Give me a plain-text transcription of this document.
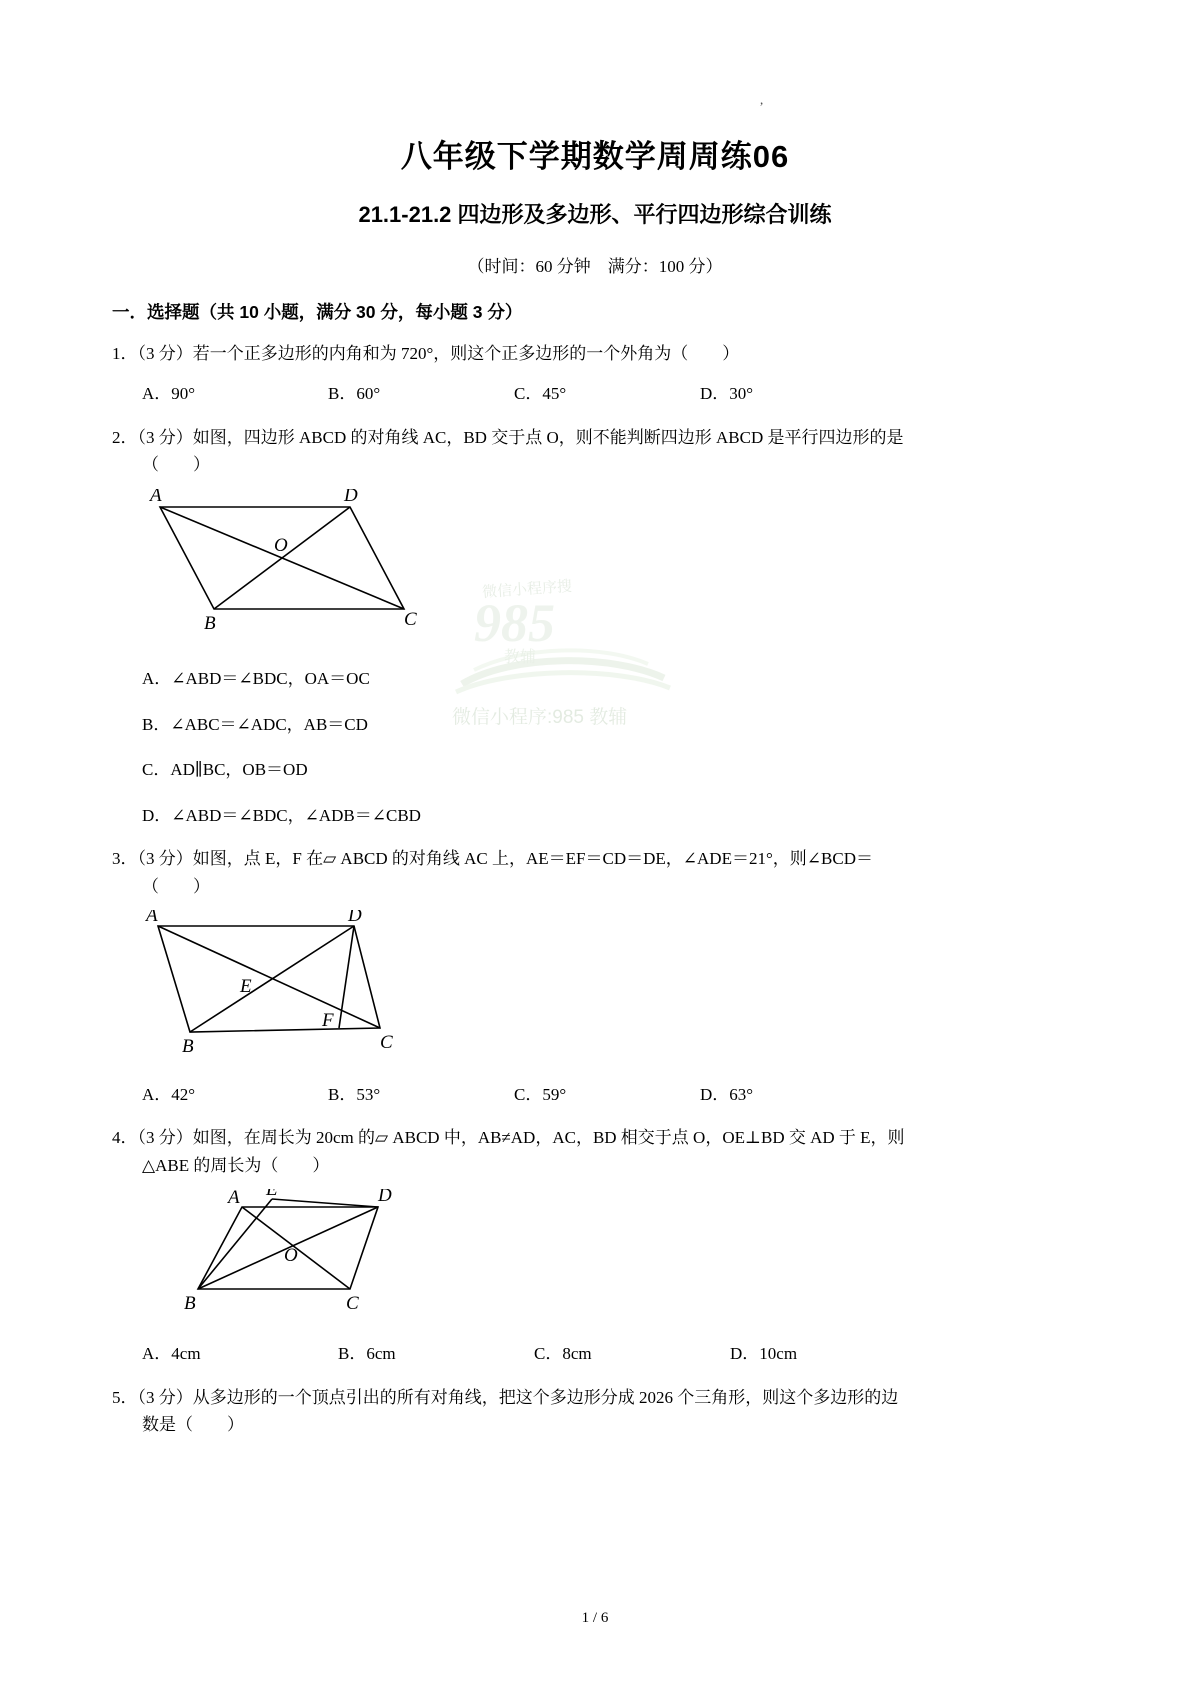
,
八年级下学期数学周周练06
21.1-21.2 四边形及多边形、平行四边形综合训练
（时间：60 分钟　满分：100 分）
一．选择题（共 10 小题，满分 30 分，每小题 3 分）
1．（3 分）若一个正多边形的内角和为 720°，则这个正多边形的一个外角为（　　）
A．90°	B．60°	C．45°	D．30°
2．（3 分）如图，四边形 ABCD 的对角线 AC，BD 交于点 O，则不能判断四边形 ABCD 是平行四边形的是
（　　）
A	D
O
B	C
A．∠ABD＝∠BDC，OA＝OC
B．∠ABC＝∠ADC，AB＝CD
C．AD∥BC，OB＝OD
D．∠ABD＝∠BDC，∠ADB＝∠CBD
3．（3 分）如图，点 E，F 在▱ ABCD 的对角线 AC 上，AE＝EF＝CD＝DE，∠ADE＝21°，则∠BCD＝
（　　）
A	D
E
F
B	C
A．42°	B．53°	C．59°	D．63°
4．（3 分）如图，在周长为 20cm 的▱ ABCD 中，AB≠AD，AC，BD 相交于点 O，OE⊥BD 交 AD 于 E，则
△ABE 的周长为（　　）
A E	D
O
B	C
A．4cm	B．6cm	C．8cm	D．10cm
5．（3 分）从多边形的一个顶点引出的所有对角线，把这个多边形分成 2026 个三角形，则这个多边形的边
数是（　　）
微信小程序搜
985
教辅
微信小程序:985 教辅
1 / 6
